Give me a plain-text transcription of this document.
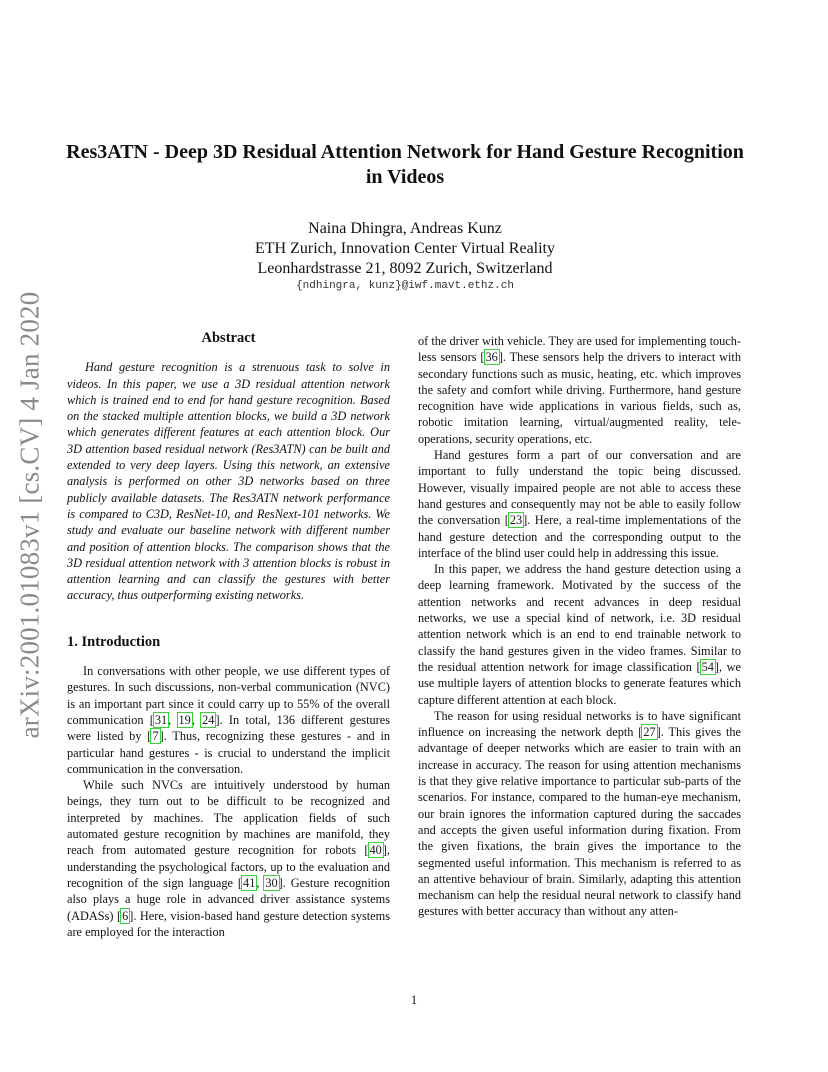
arXiv:2001.01083v1 [cs.CV] 4 Jan 2020
Res3ATN - Deep 3D Residual Attention Network for Hand Gesture Recognition
in Videos
Naina Dhingra, Andreas Kunz
ETH Zurich, Innovation Center Virtual Reality
Leonhardstrasse 21, 8092 Zurich, Switzerland
{ndhingra, kunz}@iwf.mavt.ethz.ch
Abstract

Hand gesture recognition is a strenuous task to solve in videos. In this paper, we use a 3D residual attention network which is trained end to end for hand gesture recognition. Based on the stacked multiple attention blocks, we build a 3D network which generates different features at each attention block. Our 3D attention based residual network (Res3ATN) can be built and extended to very deep layers. Using this network, an extensive analysis is performed on other 3D networks based on three publicly available datasets. The Res3ATN network performance is compared to C3D, ResNet-10, and ResNext-101 networks. We study and evaluate our baseline network with different number and position of attention blocks. The comparison shows that the 3D residual attention network with 3 attention blocks is robust in attention learning and can classify the gestures with better accuracy, thus outperforming existing networks.

1. Introduction

In conversations with other people, we use different types of gestures. In such discussions, non-verbal communication (NVC) is an important part since it could carry up to 55% of the overall communication [31, 19, 24]. In total, 136 different gestures were listed by [7]. Thus, recognizing these gestures - and in particular hand gestures - is crucial to understand the implicit communication in the conversation.

While such NVCs are intuitively understood by human beings, they turn out to be difficult to be recognized and interpreted by machines. The application fields of such automated gesture recognition by machines are manifold, they reach from automated gesture recognition for robots [40], understanding the psychological factors, up to the evaluation and recognition of the sign language [41, 30]. Gesture recognition also plays a huge role in advanced driver assistance systems (ADASs) [6]. Here, vision-based hand gesture detection systems are employed for the interaction

of the driver with vehicle. They are used for implementing touch-less sensors [36]. These sensors help the drivers to interact with secondary functions such as music, heating, etc. which improves the safety and comfort while driving. Furthermore, hand gesture recognition have wide applications in various fields, such as, robotic imitation learning, virtual/augmented reality, tele-operations, security operations, etc.

Hand gestures form a part of our conversation and are important to fully understand the topic being discussed. However, visually impaired people are not able to access these hand gestures and consequently may not be able to easily follow the conversation [23]. Here, a real-time implementations of the hand gesture detection and the corresponding output to the interface of the blind user could help in addressing this issue.

In this paper, we address the hand gesture detection using a deep learning framework. Motivated by the success of the attention networks and recent advances in deep residual networks, we use a special kind of network, i.e. 3D residual attention network which is an end to end trainable network to classify the hand gestures given in the video frames. Similar to the residual attention network for image classification [54], we use multiple layers of attention blocks to generate features which capture different attention at each block.

The reason for using residual networks is to have significant influence on increasing the network depth [27]. This gives the advantage of deeper networks which are easier to train with an increase in accuracy. The reason for using attention mechanisms is that they give relative importance to particular sub-parts of the scenarios. For instance, compared to the human-eye mechanism, our brain ignores the information captured during the saccades and accepts the given useful information during fixation. From the given fixations, the brain gives the importance to the segmented useful information. This mechanism is referred to as an attentive behaviour of brain. Similarly, adapting this attention mechanism can help the residual neural network to classify hand gestures with better accuracy than without any atten-

1
